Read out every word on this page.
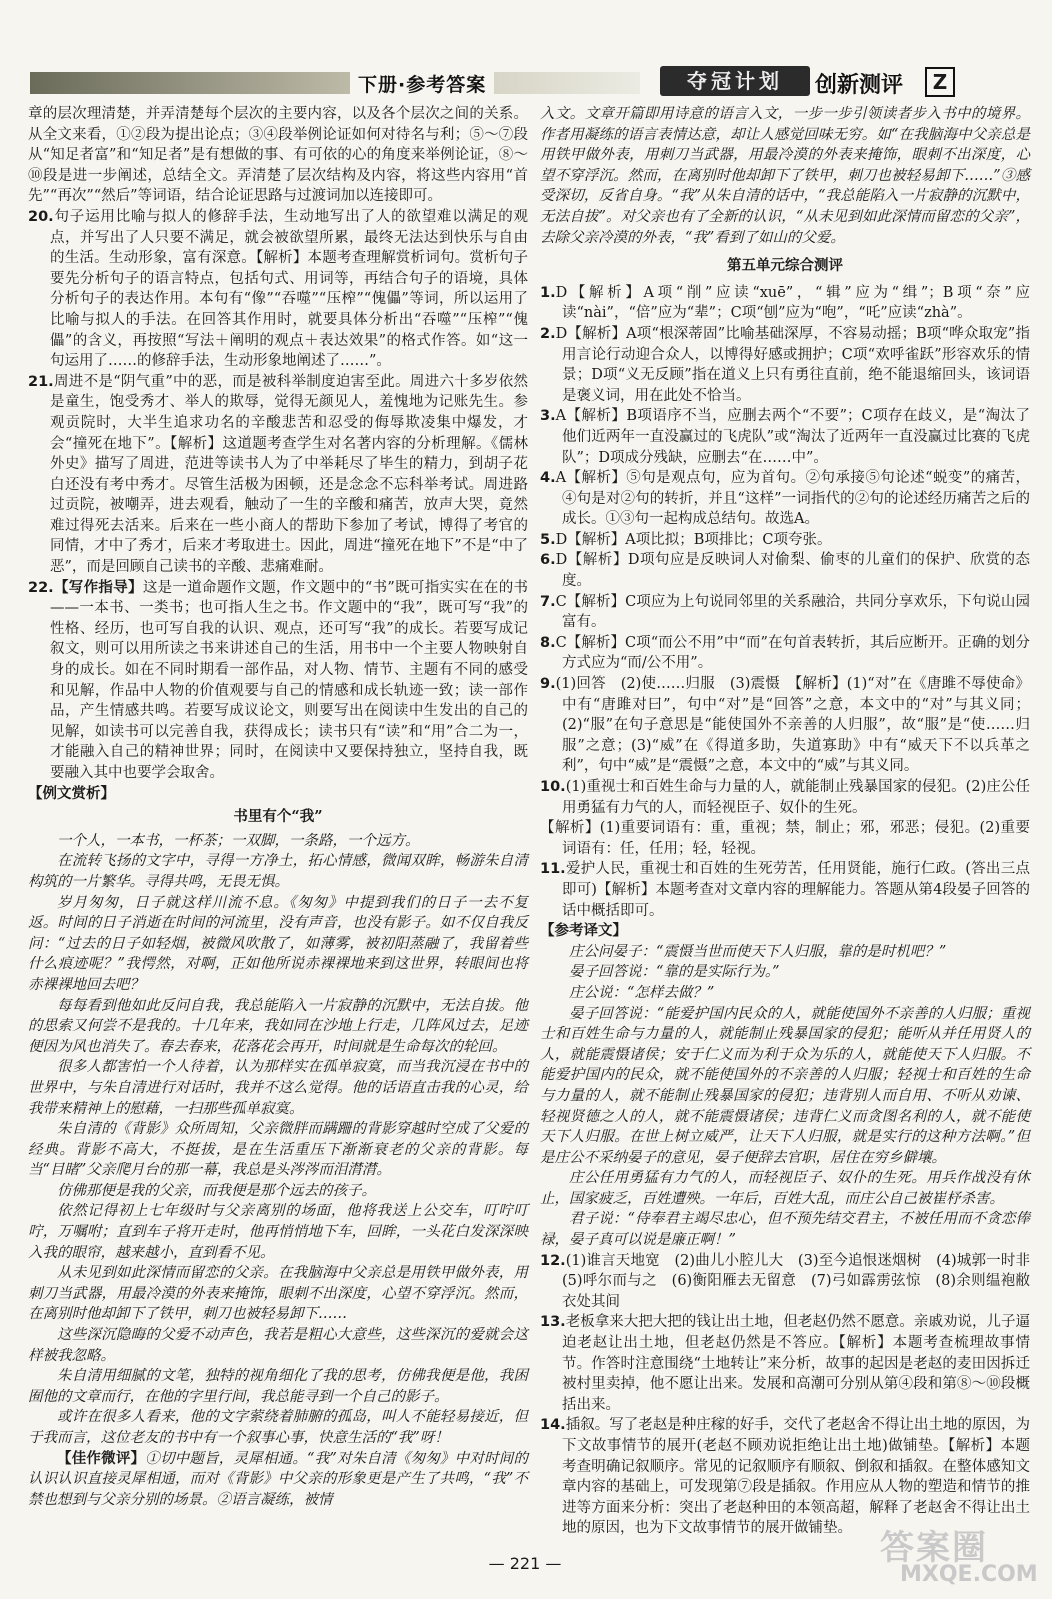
下册·参考答案	夺冠计划	创新测评	Z

章的层次理清楚，并弄清楚每个层次的主要内容，以及各个层次之间的关系。从全文来看，①②段为提出论点；③④段举例论证如何对待名与利；⑤～⑦段从“知足者富”和“知足者”是有想做的事、有可依的心的角度来举例论证，⑧～⑩段是进一步阐述，总结全文。弄清楚了层次结构及内容，将这些内容用“首先”“再次”“然后”等词语，结合论证思路与过渡词加以连接即可。

20.句子运用比喻与拟人的修辞手法，生动地写出了人的欲望难以满足的观点，并写出了人只要不满足，就会被欲望所累，最终无法达到快乐与自由的生活。生动形象，富有深意。【解析】本题考查理解赏析词句。赏析句子要先分析句子的语言特点，包括句式、用词等，再结合句子的语境，具体分析句子的表达作用。本句有“像”“吞噬”“压榨”“傀儡”等词，所以运用了比喻与拟人的手法。在回答其作用时，就要具体分析出“吞噬”“压榨”“傀儡”的含义，再按照“写法＋阐明的观点＋表达效果”的格式作答。如“这一句运用了……的修辞手法，生动形象地阐述了……”。

21.周进不是“阴气重”中的恶，而是被科举制度迫害至此。周进六十多岁依然是童生，饱受秀才、举人的欺辱，觉得无颜见人，羞愧地为记账先生。参观贡院时，大半生追求功名的辛酸悲苦和忍受的侮辱欺凌集中爆发，才会“撞死在地下”。【解析】这道题考查学生对名著内容的分析理解。《儒林外史》描写了周进，范进等读书人为了中举耗尽了毕生的精力，到胡子花白还没有考中秀才。尽管生活极为困顿，还是念念不忘科举考试。周进路过贡院，被嘲弄，进去观看，触动了一生的辛酸和痛苦，放声大哭，竟然难过得死去活来。后来在一些小商人的帮助下参加了考试，博得了考官的同情，才中了秀才，后来才考取进士。因此，周进“撞死在地下”不是“中了恶”，而是回顾自己读书的辛酸、悲痛难耐。

22.【写作指导】这是一道命题作文题，作文题中的“书”既可指实实在在的书——一本书、一类书；也可指人生之书。作文题中的“我”，既可写“我”的性格、经历，也可写自我的认识、观点，还可写“我”的成长。若要写成记叙文，则可以用所读之书来讲述自己的生活，用书中一个主要人物映射自身的成长。如在不同时期看一部作品，对人物、情节、主题有不同的感受和见解，作品中人物的价值观要与自己的情感和成长轨迹一致；读一部作品，产生情感共鸣。若要写成议论文，则要写出在阅读中生发出的自己的见解，如读书可以完善自我，获得成长；读书只有“读”和“用”合二为一，才能融入自己的精神世界；同时，在阅读中又要保持独立，坚持自我，既要融入其中也要学会取舍。

【例文赏析】

书里有个“我”

一个人，一本书，一杯茶；一双脚，一条路，一个远方。

在流转飞扬的文字中，寻得一方净土，拓心情感，微闻双眸，畅游朱自清构筑的一片繁华。寻得共鸣，无畏无惧。

岁月匆匆，日子就这样川流不息。《匆匆》中提到我们的日子一去不复返。时间的日子消逝在时间的河流里，没有声音，也没有影子。如不仅自我反问：“过去的日子如轻烟，被微风吹散了，如薄雾，被初阳蒸融了，我留着些什么痕迹呢？”我愕然，对啊，正如他所说赤裸裸地来到这世界，转眼间也将赤裸裸地回去吧？

每每看到他如此反问自我，我总能陷入一片寂静的沉默中，无法自拔。他的思索又何尝不是我的。十几年来，我如同在沙地上行走，几阵风过去，足迹便因为风也消失了。春去春来，花落花会再开，时间就是生命每次的轮回。

很多人都害怕一个人待着，认为那样实在孤单寂寞，而当我沉浸在书中的世界中，与朱自清进行对话时，我并不这么觉得。他的话语直击我的心灵，给我带来精神上的慰藉，一扫那些孤单寂寞。

朱自清的《背影》众所周知，父亲微胖而蹒跚的背影穿越时空成了父爱的经典。背影不高大，不挺拔，是在生活重压下渐渐衰老的父亲的背影。每当“目睹”父亲爬月台的那一幕，我总是头涔涔而泪潸潸。

仿佛那便是我的父亲，而我便是那个远去的孩子。

依然记得初上七年级时与父亲离别的场面，他将我送上公交车，叮咛叮咛，万嘱咐；直到车子将开走时，他再悄悄地下车，回眸，一头花白发深深映入我的眼帘，越来越小，直到看不见。

从未见到如此深情而留恋的父亲。在我脑海中父亲总是用铁甲做外表，用刺刀当武器，用最冷漠的外表来掩饰，眼刺不出深度，心望不穿浮沉。然而，在离别时他却卸下了铁甲，刺刀也被轻易卸下……

这些深沉隐晦的父爱不动声色，我若是粗心大意些，这些深沉的爱就会这样被我忽略。

朱自清用细腻的文笔，独特的视角细化了我的思考，仿佛我便是他，我困囿他的文章而行，在他的字里行间，我总能寻到一个自己的影子。

或许在很多人看来，他的文字萦绕着肺腑的孤岛，叫人不能轻易接近，但于我而言，这位老友的书中有一个叙事心事，快意生活的“我”呀！

【佳作微评】①切中题旨，灵犀相通。“我”对朱自清《匆匆》中对时间的认识认识直接灵犀相通，而对《背影》中父亲的形象更是产生了共鸣，“我”不禁也想到与父亲分别的场景。②语言凝练，被情

入文。文章开篇即用诗意的语言入文，一步一步引领读者步入书中的境界。作者用凝练的语言表情达意，却让人感觉回味无穷。如“在我脑海中父亲总是用铁甲做外表，用刺刀当武器，用最冷漠的外表来掩饰，眼刺不出深度，心望不穿浮沉。然而，在离别时他却卸下了铁甲，刺刀也被轻易卸下……”③感受深切，反省自身。“我”从朱自清的话中，“我总能陷入一片寂静的沉默中，无法自拔”。对父亲也有了全新的认识，“从未见到如此深情而留恋的父亲”，去除父亲冷漠的外表，“我”看到了如山的父爱。

第五单元综合测评

1.D【解析】A项“削”应读“xuē”，“辑”应为“缉”；B项“奈”应读“nài”，“倍”应为“辈”；C项“刨”应为“咆”，“吒”应读“zhà”。

2.D【解析】A项“根深蒂固”比喻基础深厚，不容易动摇；B项“哗众取宠”指用言论行动迎合众人，以博得好感或拥护；C项“欢呼雀跃”形容欢乐的情景；D项“义无反顾”指在道义上只有勇往直前，绝不能退缩回头，该词语是褒义词，用在此处不恰当。

3.A【解析】B项语序不当，应删去两个“不要”；C项存在歧义，是“淘汰了他们近两年一直没赢过的飞虎队”或“淘汰了近两年一直没赢过比赛的飞虎队”；D项成分残缺，应删去“在……中”。

4.A【解析】⑤句是观点句，应为首句。②句承接⑤句论述“蜕变”的痛苦，④句是对②句的转折，并且“这样”一词指代的②句的论述经历痛苦之后的成长。①③句一起构成总结句。故选A。

5.D【解析】A项比拟；B项排比；C项夸张。

6.D【解析】D项句应是反映词人对偷梨、偷枣的儿童们的保护、欣赏的态度。

7.C【解析】C项应为上句说同邻里的关系融洽，共同分享欢乐，下句说山园富有。

8.C【解析】C项“而公不用”中“而”在句首表转折，其后应断开。正确的划分方式应为“而/公不用”。

9.(1)回答　(2)使……归服　(3)震慑　【解析】(1)“对”在《唐雎不辱使命》中有“唐雎对曰”，句中“对”是“回答”之意，本文中的“对”与其义同；(2)“服”在句子意思是“能使国外不亲善的人归服”，故“服”是“使……归服”之意；(3)“威”在《得道多助，失道寡助》中有“威天下不以兵革之利”，句中“威”是“震慑”之意，本文中的“威”与其义同。

10.(1)重视士和百姓生命与力量的人，就能制止残暴国家的侵犯。(2)庄公任用勇猛有力气的人，而轻视臣子、奴仆的生死。

【解析】(1)重要词语有：重，重视；禁，制止；邪，邪恶；侵犯。(2)重要词语有：任，任用；轻，轻视。

11.爱护人民，重视士和百姓的生死劳苦，任用贤能，施行仁政。(答出三点即可)【解析】本题考查对文章内容的理解能力。答题从第4段晏子回答的话中概括即可。

【参考译文】

庄公问晏子：“震慑当世而使天下人归服，靠的是时机吧？”

晏子回答说：“靠的是实际行为。”

庄公说：“怎样去做？”

晏子回答说：“能爱护国内民众的人，就能使国外不亲善的人归服；重视士和百姓生命与力量的人，就能制止残暴国家的侵犯；能听从并任用贤人的人，就能震慑诸侯；安于仁义而为利于众为乐的人，就能使天下人归服。不能爱护国内的民众，就不能使国外的不亲善的人归服；轻视士和百姓的生命与力量的人，就不能制止残暴国家的侵犯；违背别人而自用、不听从劝谏、轻视贤德之人的人，就不能震慑诸侯；违背仁义而贪图名利的人，就不能使天下人归服。在世上树立威严，让天下人归服，就是实行的这种方法啊。”但是庄公不采纳晏子的意见，晏子便辞去官职，居住在穷乡僻壤。

庄公任用勇猛有力气的人，而轻视臣子、奴仆的生死。用兵作战没有休止，国家疲乏，百姓遭殃。一年后，百姓大乱，而庄公自己被崔杼杀害。

君子说：“侍奉君主竭尽忠心，但不预先结交君主，不被任用而不贪恋俸禄，晏子真可以说是廉正啊！”

12.(1)谁言天地宽　(2)曲儿小腔儿大　(3)至今追恨迷烟树　(4)城郭一时非　(5)呼尔而与之　(6)衡阳雁去无留意　(7)弓如霹雳弦惊　(8)余则缊袍敝衣处其间

13.老板拿来大把大把的钱让出土地，但老赵仍然不愿意。亲戚劝说，儿子逼迫老赵让出土地，但老赵仍然是不答应。【解析】本题考查梳理故事情节。作答时注意围绕“土地转让”来分析，故事的起因是老赵的麦田因拆迁被村里卖掉，他不愿让出来。发展和高潮可分别从第④段和第⑧～⑩段概括出来。

14.插叙。写了老赵是种庄稼的好手，交代了老赵舍不得让出土地的原因，为下文故事情节的展开(老赵不顾劝说拒绝让出土地)做铺垫。【解析】本题考查明确记叙顺序。常见的记叙顺序有顺叙、倒叙和插叙。在整体感知文章内容的基础上，可发现第⑦段是插叙。作用应从人物的塑造和情节的推进等方面来分析：突出了老赵种田的本领高超，解释了老赵舍不得让出土地的原因，也为下文故事情节的展开做铺垫。

— 221 —	答案圈
MXQE.COM
